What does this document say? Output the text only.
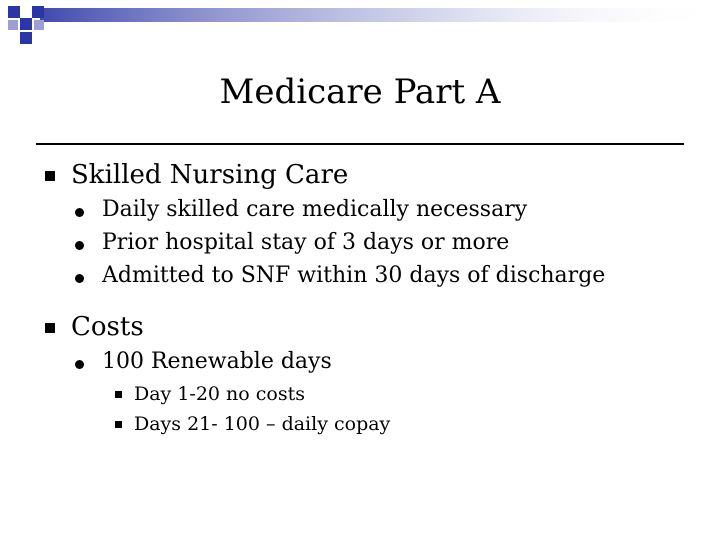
Medicare Part A
Skilled Nursing Care
Daily skilled care medically necessary
Prior hospital stay of 3 days or more
Admitted to SNF within 30 days of discharge
Costs
100 Renewable days
Day 1-20 no costs
Days 21- 100 – daily copay
